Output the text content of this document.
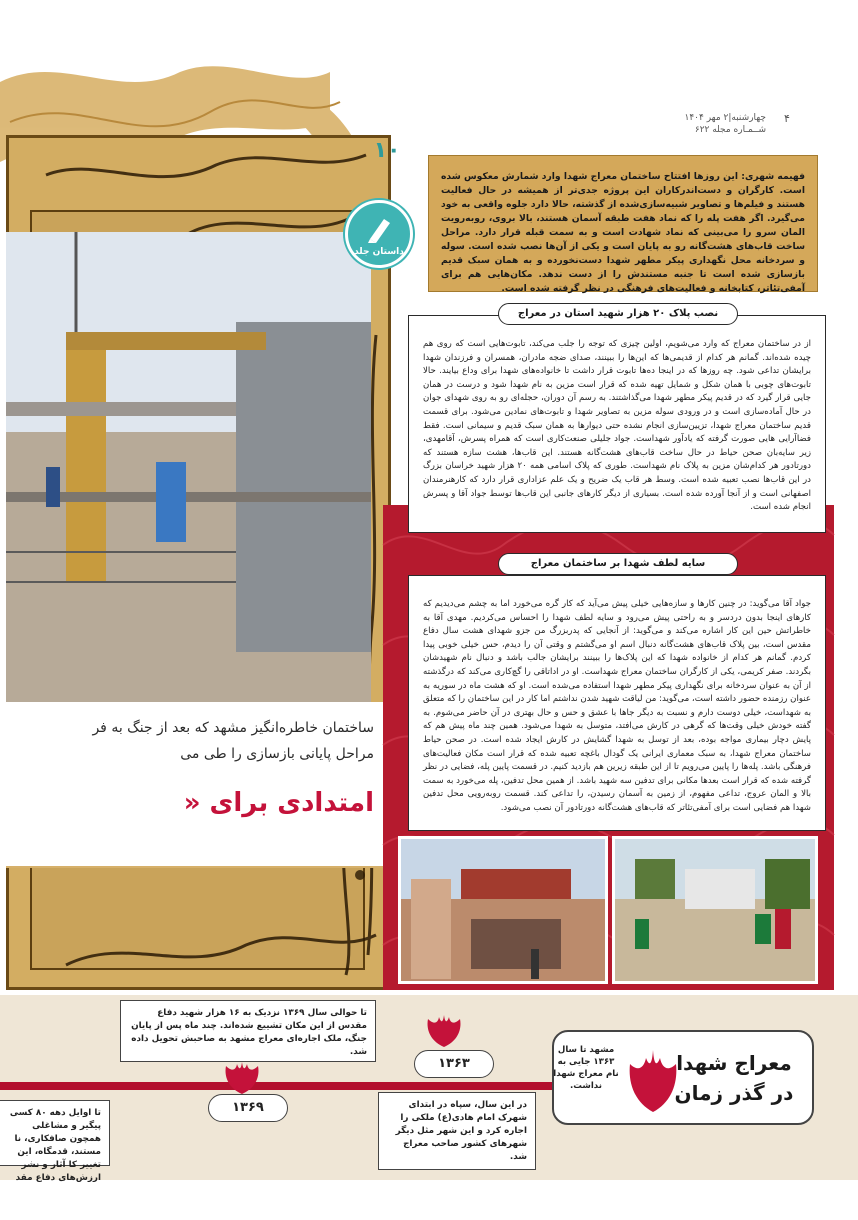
چهارشنبه|۲ مهر ۱۴۰۴
شــمـاره مجله ۶۲۲
۴
ساختمان خاطره‌انگیز مشهد که بعد از جنگ به فر
مراحل پایانی بازسازی را طی می
امتدادی برای «
۱۰
داستان جلد

فهیمه شهری: این روزها افتتاح ساختمان معراج شهدا وارد شمارش معکوس شده است. کارگران و دست‌اندرکاران این پروژه جدی‌تر از همیشه در حال فعالیت هستند و فیلم‌ها و تصاویر شبیه‌سازی‌شده از گذشته، حالا دارد جلوه واقعی به خود می‌گیرد. اگر هفت پله را که نماد هفت طبقه آسمان هستند، بالا بروی، روبه‌رویت المان سرو را می‌بینی که نماد شهادت است و به سمت قبله قرار دارد. مراحل ساخت قاب‌های هشت‌گانه رو به پایان است و یکی از آن‌ها نصب شده است. سوله و سردخانه محل نگهداری پیکر مطهر شهدا دست‌نخورده و به همان سبک قدیم بازسازی شده است تا جنبه مستندش را از دست ندهد. مکان‌هایی هم برای آمفی‌تئاتر، کتابخانه و فعالیت‌های فرهنگی در نظر گرفته شده است.

از در ساختمان معراج که وارد می‌شویم، اولین چیزی که توجه را جلب می‌کند، تابوت‌هایی است که روی هم چیده شده‌اند. گمانم هر کدام از قدیمی‌ها که این‌ها را ببینند، صدای ضجه مادران، همسران و فرزندان شهدا برایشان تداعی شود. چه روزها که در اینجا ده‌ها تابوت قرار داشت تا خانواده‌های شهدا برای وداع بیایند. حالا تابوت‌های چوبی با همان شکل و شمایل تهیه شده که قرار است مزین به نام شهدا شود و درست در همان جایی قرار گیرد که در قدیم پیکر مطهر شهدا می‌گذاشتند. به رسم آن دوران، حجله‌ای رو به روی شهدای جوان در حال آماده‌سازی است و در ورودی سوله مزین به تصاویر شهدا و تابوت‌های نمادین می‌شود. برای قسمت قدیم ساختمان معراج شهدا، تزیین‌سازی انجام نشده حتی دیوارها به همان سبک قدیم و سیمانی است. فقط فضاآرایی هایی صورت گرفته که یادآور شهداست. جواد جلیلی صنعت‌کاری است که همراه پسرش، آقامهدی، زیر سایه‌بان صحن حیاط در حال ساخت قاب‌های هشت‌گانه هستند. این قاب‌ها، هشت سازه هستند که دورتادور هر کدام‌شان مزین به پلاک نام شهداست. طوری که پلاک اسامی همه ۲۰ هزار شهید خراسان بزرگ در این قاب‌ها نصب تعبیه شده است. وسط هر قاب یک ضریح و یک علم عزاداری قرار دارد که کارهنرمندان اصفهانی است و از آنجا آورده شده است. بسیاری از دیگر کارهای جانبی این قاب‌ها توسط جواد آقا و پسرش انجام شده است.

نصب پلاک ۲۰ هزار شهید استان در معراج

جواد آقا می‌گوید: در چنین کارها و سازه‌هایی خیلی پیش می‌آید که کار گره می‌خورد اما به چشم می‌دیدیم که کارهای اینجا بدون دردسر و به راحتی پیش می‌رود و سایه لطف شهدا را احساس می‌کردیم. مهدی آقا به خاطراتش حین این کار اشاره می‌کند و می‌گوید: از آنجایی که پدربزرگ من جزو شهدای هشت سال دفاع مقدس است، بین پلاک قاب‌های هشت‌گانه دنبال اسم او می‌گشتم و وقتی آن را دیدم، حس خیلی خوبی پیدا کردم. گمانم هر کدام از خانواده شهدا که این پلاک‌ها را ببینند برایشان جالب باشد و دنبال نام شهیدشان بگردند. صفر کریمی، یکی از کارگران ساختمان معراج شهداست. او در اداتاقی را گچ‌کاری می‌کند که درگذشته از آن به عنوان سردخانه برای نگهداری پیکر مطهر شهدا استفاده می‌شده است. او که هشت ماه در سوریه به عنوان رزمنده حضور داشته است، می‌گوید: من لیاقت شهید شدن نداشتم اما کار در این ساختمان را که متعلق به شهداست، خیلی دوست دارم و نسبت به دیگر جاها با عشق و حس و حال بهتری در آن حاضر می‌شوم. به گفته خودش خیلی وقت‌ها که گرهی در کارش می‌افتد، متوسل به شهدا می‌شود. همین چند ماه پیش هم که پایش دچار بیماری مواجه بوده، بعد از توسل به شهدا گشایش در کارش ایجاد شده است. در صحن حیاط ساختمان معراج شهدا، به سبک معماری ایرانی یک گودال باغچه تعبیه شده که قرار است مکان فعالیت‌های فرهنگی باشد. پله‌ها را پایین می‌رویم تا از این طبقه زیرین هم بازدید کنیم. در قسمت پایین پله، فضایی در نظر گرفته شده که قرار است بعدها مکانی برای تدفین سه شهید باشد. از همین محل تدفین، پله می‌خورد به سمت بالا و المان عروج، تداعی مفهوم، از زمین به آسمان رسیدن، را تداعی کند. قسمت روبه‌رویی محل تدفین شهدا هم فضایی است برای آمفی‌تئاتر که قاب‌های هشت‌گانه دورتادور آن نصب می‌شود.

سایه لطف شهدا بر ساختمان معراج
معراج شهدا
در گذر زمان
مشهد تا سال ۱۳۶۳ جایی به نام معراج شهدا نداشت.
۱۳۶۳
در این سال، سپاه در ابتدای شهرک امام هادی(ع) ملکی را اجاره کرد و این شهر مثل دیگر شهرهای کشور صاحب معراج شد.
تا حوالی سال ۱۳۶۹ نزدیک به ۱۶ هزار شهید دفاع مقدس از این مکان تشییع شده‌اند. چند ماه پس از پایان جنگ، ملک اجاره‌ای معراج مشهد به صاحبش تحویل داده شد.
۱۳۶۹
تا اوایل دهه ۸۰ کسی پیگیر و مشاغلی همچون صافکاری، نا مستند، قدمگاه، این تغییر کا آثار و نشر ارزش‌های دفاع مقد
